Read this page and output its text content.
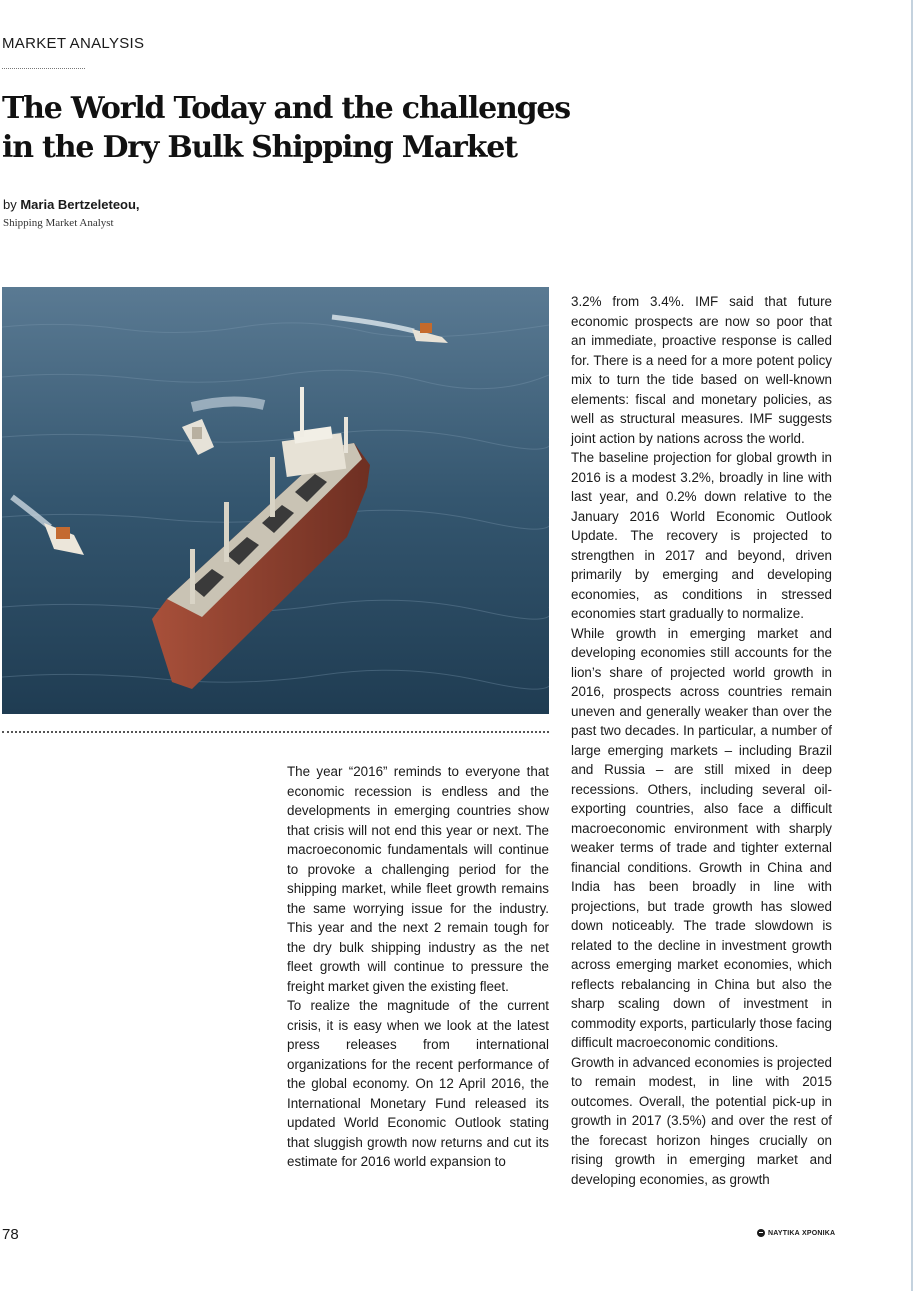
MARKET ANALYSIS
The World Today and the challenges
in the Dry Bulk Shipping Market
by Maria Bertzeleteou,
Shipping Market Analyst

The year “2016” reminds to everyone that economic recession is endless and the developments in emerging countries show that crisis will not end this year or next. The macroeconomic fundamentals will continue to provoke a challenging period for the shipping market, while fleet growth remains the same worrying issue for the industry. This year and the next 2 remain tough for the dry bulk shipping industry as the net fleet growth will continue to pressure the freight market given the existing fleet.

To realize the magnitude of the current crisis, it is easy when we look at the latest press releases from international organizations for the recent performance of the global economy. On 12 April 2016, the International Monetary Fund released its updated World Economic Outlook stating that sluggish growth now returns and cut its estimate for 2016 world expansion to

3.2% from 3.4%. IMF said that future economic prospects are now so poor that an immediate, proactive response is called for. There is a need for a more potent policy mix to turn the tide based on well-known elements: fiscal and monetary policies, as well as structural measures. IMF suggests joint action by nations across the world.

The baseline projection for global growth in 2016 is a modest 3.2%, broadly in line with last year, and 0.2% down relative to the January 2016 World Economic Outlook Update. The recovery is projected to strengthen in 2017 and beyond, driven primarily by emerging and developing economies, as conditions in stressed economies start gradually to normalize.

While growth in emerging market and developing economies still accounts for the lion’s share of projected world growth in 2016, prospects across countries remain uneven and generally weaker than over the past two decades. In particular, a number of large emerging markets – including Brazil and Russia – are still mixed in deep recessions. Others, including several oil-exporting countries, also face a difficult macroeconomic environment with sharply weaker terms of trade and tighter external financial conditions. Growth in China and India has been broadly in line with projections, but trade growth has slowed down noticeably. The trade slowdown is related to the decline in investment growth across emerging market economies, which reflects rebalancing in China but also the sharp scaling down of investment in commodity exports, particularly those facing difficult macroeconomic conditions.

Growth in advanced economies is projected to remain modest, in line with 2015 outcomes. Overall, the potential pick-up in growth in 2017 (3.5%) and over the rest of the forecast horizon hinges crucially on rising growth in emerging market and developing economies, as growth

78	ΝΑΥΤΙΚΑ ΧΡΟΝΙΚΑ
